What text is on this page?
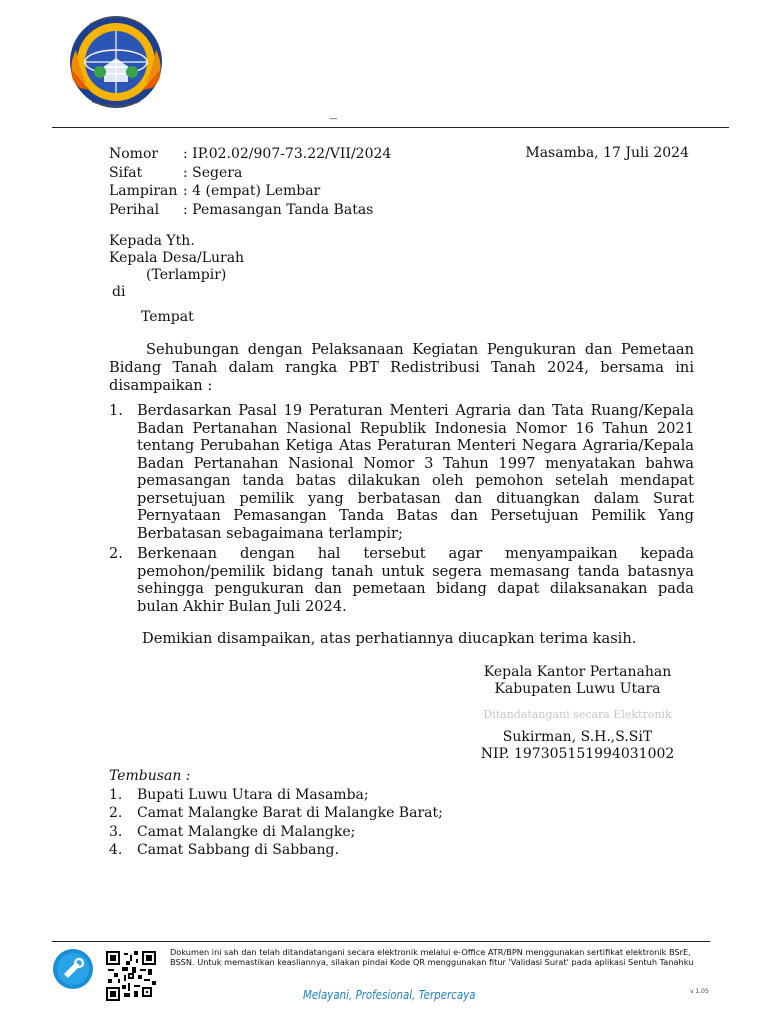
_
Nomor	: IP.02.02/907-73.22/VII/2024
Sifat	: Segera
Lampiran : 4 (empat) Lembar
Perihal	: Pemasangan Tanda Batas
Masamba, 17 Juli 2024
Kepada Yth.
Kepala Desa/Lurah
(Terlampir)
di
Tempat

Sehubungan dengan Pelaksanaan Kegiatan Pengukuran dan Pemetaan Bidang Tanah dalam rangka PBT Redistribusi Tanah 2024, bersama ini disampaikan :

1. Berdasarkan Pasal 19 Peraturan Menteri Agraria dan Tata Ruang/Kepala Badan Pertanahan Nasional Republik Indonesia Nomor 16 Tahun 2021 tentang Perubahan Ketiga Atas Peraturan Menteri Negara Agraria/Kepala Badan Pertanahan Nasional Nomor 3 Tahun 1997 menyatakan bahwa pemasangan tanda batas dilakukan oleh pemohon setelah mendapat persetujuan pemilik yang berbatasan dan dituangkan dalam Surat Pernyataan Pemasangan Tanda Batas dan Persetujuan Pemilik Yang Berbatasan sebagaimana terlampir;
2. Berkenaan dengan hal tersebut agar menyampaikan kepada pemohon/pemilik bidang tanah untuk segera memasang tanda batasnya sehingga pengukuran dan pemetaan bidang dapat dilaksanakan pada bulan Akhir Bulan Juli 2024.

Demikian disampaikan, atas perhatiannya diucapkan terima kasih.

Kepala Kantor Pertanahan
Kabupaten Luwu Utara
Ditandatangani secara Elektronik
Sukirman, S.H.,S.SiT
NIP. 197305151994031002
Tembusan :
1.	Bupati Luwu Utara di Masamba;
2.	Camat Malangke Barat di Malangke Barat;
3.	Camat Malangke di Malangke;
4.	Camat Sabbang di Sabbang.
Dokumen ini sah dan telah ditandatangani secara elektronik melalui e-Office ATR/BPN menggunakan sertifikat elektronik BSrE, BSSN. Untuk memastikan keasliannya, silakan pindai Kode QR menggunakan fitur 'Validasi Surat' pada aplikasi Sentuh Tanahku
Melayani, Profesional, Terpercaya	v 1.05
